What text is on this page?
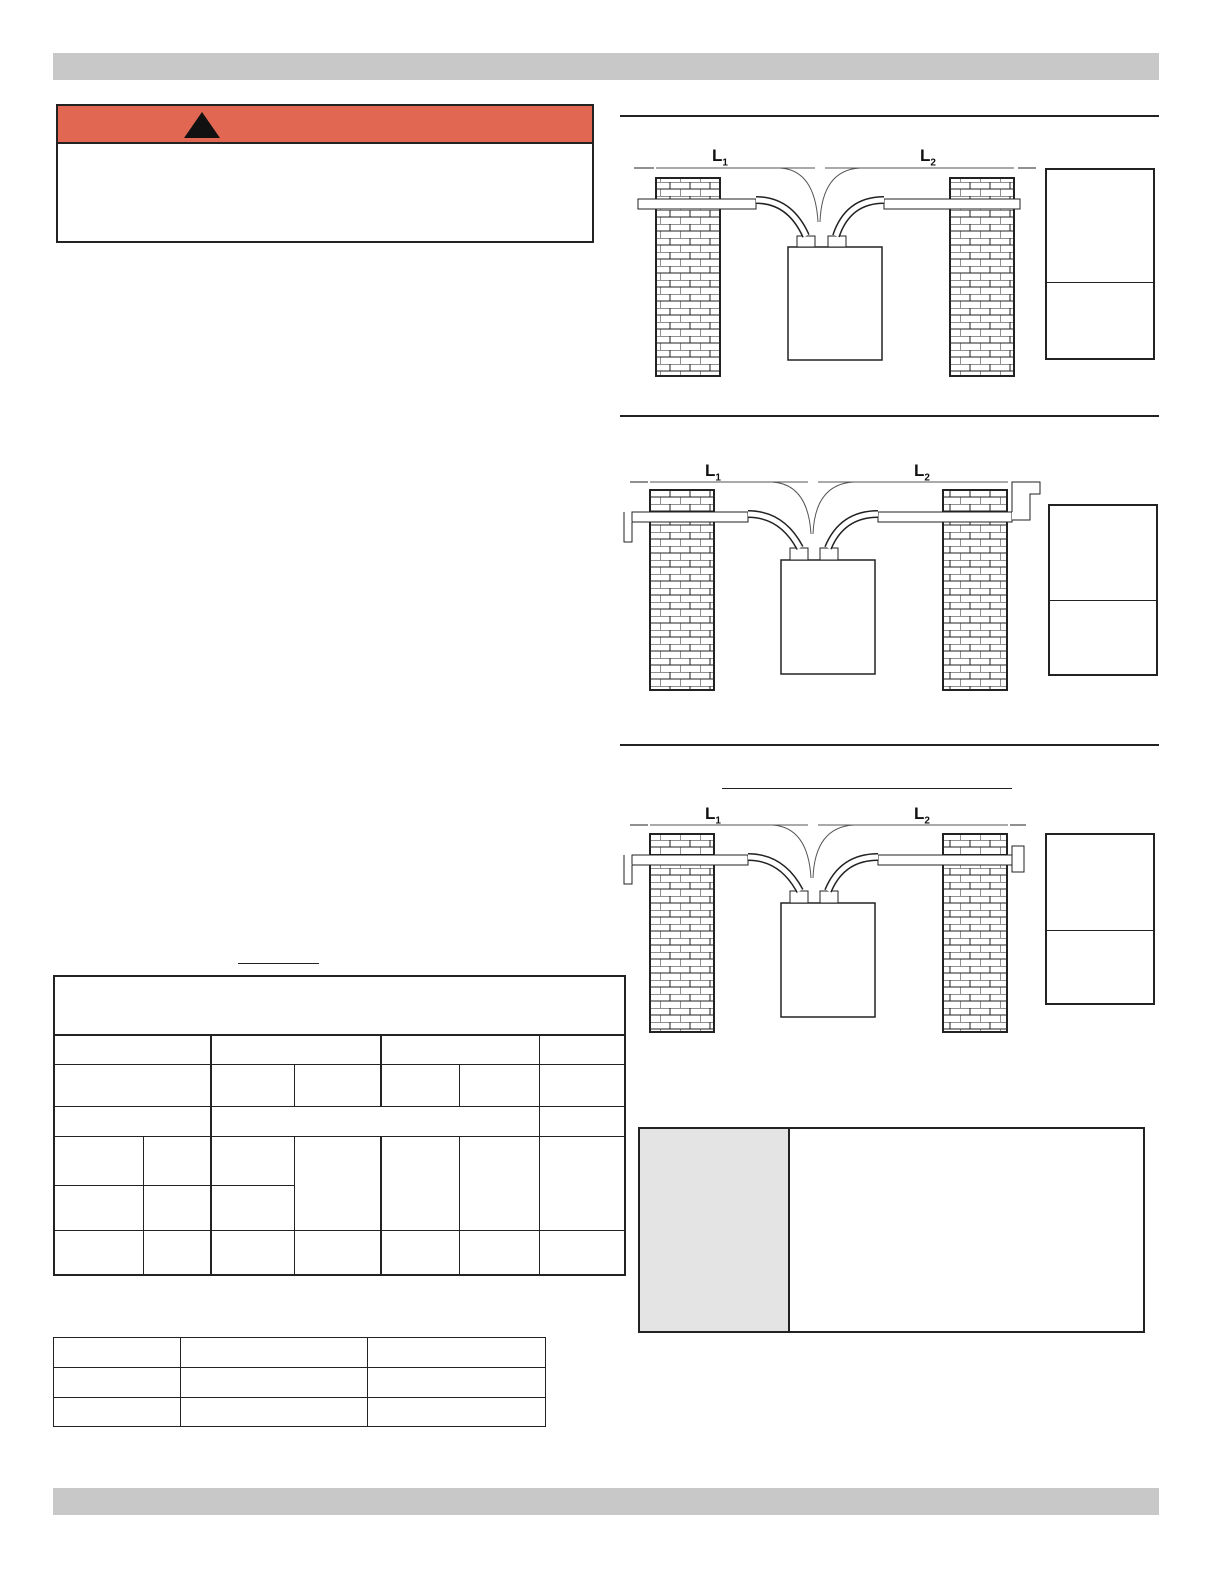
$L_1$	$L_2$
$L_1$	$L_2$
$L_1$	$L_2$
